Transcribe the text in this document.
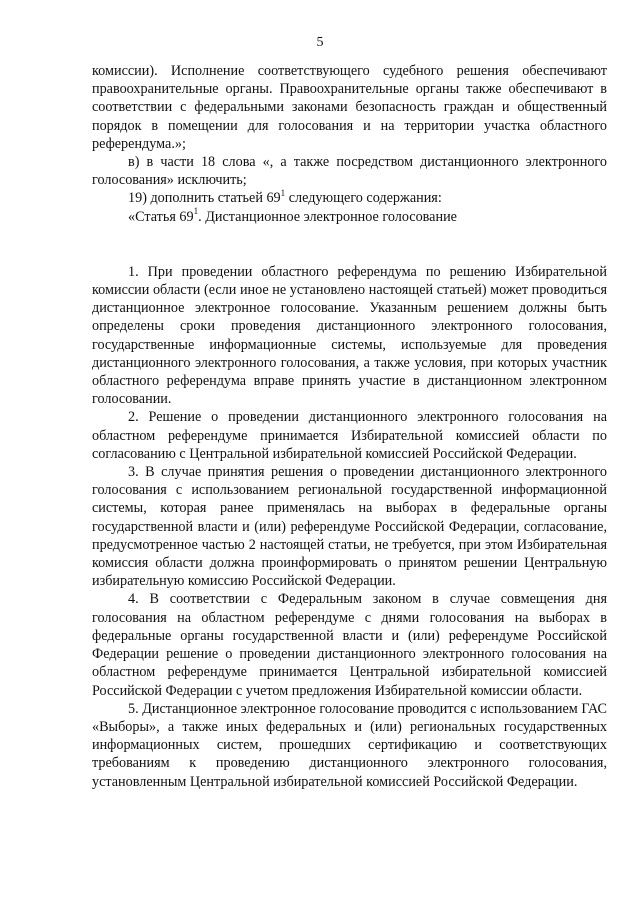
5

комиссии). Исполнение соответствующего судебного решения обеспечивают правоохранительные органы. Правоохранительные органы также обеспечивают в соответствии с федеральными законами безопасность граждан и общественный порядок в помещении для голосования и на территории участка областного референдума.»;

в) в части 18 слова «, а также посредством дистанционного электронного голосования» исключить;

19) дополнить статьей $69^1$ следующего содержания:

«Статья $69^1$. Дистанционное электронное голосование

1. При проведении областного референдума по решению Избирательной комиссии области (если иное не установлено настоящей статьей) может проводиться дистанционное электронное голосование. Указанным решением должны быть определены сроки проведения дистанционного электронного голосования, государственные информационные системы, используемые для проведения дистанционного электронного голосования, а также условия, при которых участник областного референдума вправе принять участие в дистанционном электронном голосовании.

2. Решение о проведении дистанционного электронного голосования на областном референдуме принимается Избирательной комиссией области по согласованию с Центральной избирательной комиссией Российской Федерации.

3. В случае принятия решения о проведении дистанционного электронного голосования с использованием региональной государственной информационной системы, которая ранее применялась на выборах в федеральные органы государственной власти и (или) референдуме Российской Федерации, согласование, предусмотренное частью 2 настоящей статьи, не требуется, при этом Избирательная комиссия области должна проинформировать о принятом решении Центральную избирательную комиссию Российской Федерации.

4. В соответствии с Федеральным законом в случае совмещения дня голосования на областном референдуме с днями голосования на выборах в федеральные органы государственной власти и (или) референдуме Российской Федерации решение о проведении дистанционного электронного голосования на областном референдуме принимается Центральной избирательной комиссией Российской Федерации с учетом предложения Избирательной комиссии области.

5. Дистанционное электронное голосование проводится с использованием ГАС «Выборы», а также иных федеральных и (или) региональных государственных информационных систем, прошедших сертификацию и соответствующих требованиям к проведению дистанционного электронного голосования, установленным Центральной избирательной комиссией Российской Федерации.
